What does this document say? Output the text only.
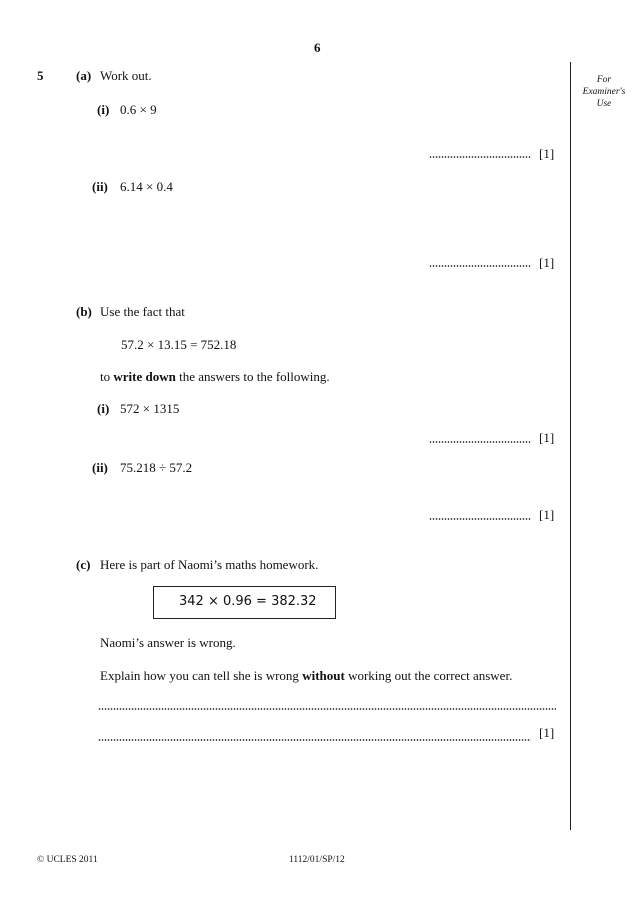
6
For
Examiner's
Use
5	(a) Work out.
(i) 0.6 × 9
[1]
(ii) 6.14 × 0.4
[1]
(b) Use the fact that
57.2 × 13.15 = 752.18
to write down the answers to the following.
(i) 572 × 1315
[1]
(ii) 75.218 ÷ 57.2
[1]
(c) Here is part of Naomi’s maths homework.
342 × 0.96 = 382.32
Naomi’s answer is wrong.
Explain how you can tell she is wrong without working out the correct answer.
[1]
© UCLES 2011	1112/01/SP/12
